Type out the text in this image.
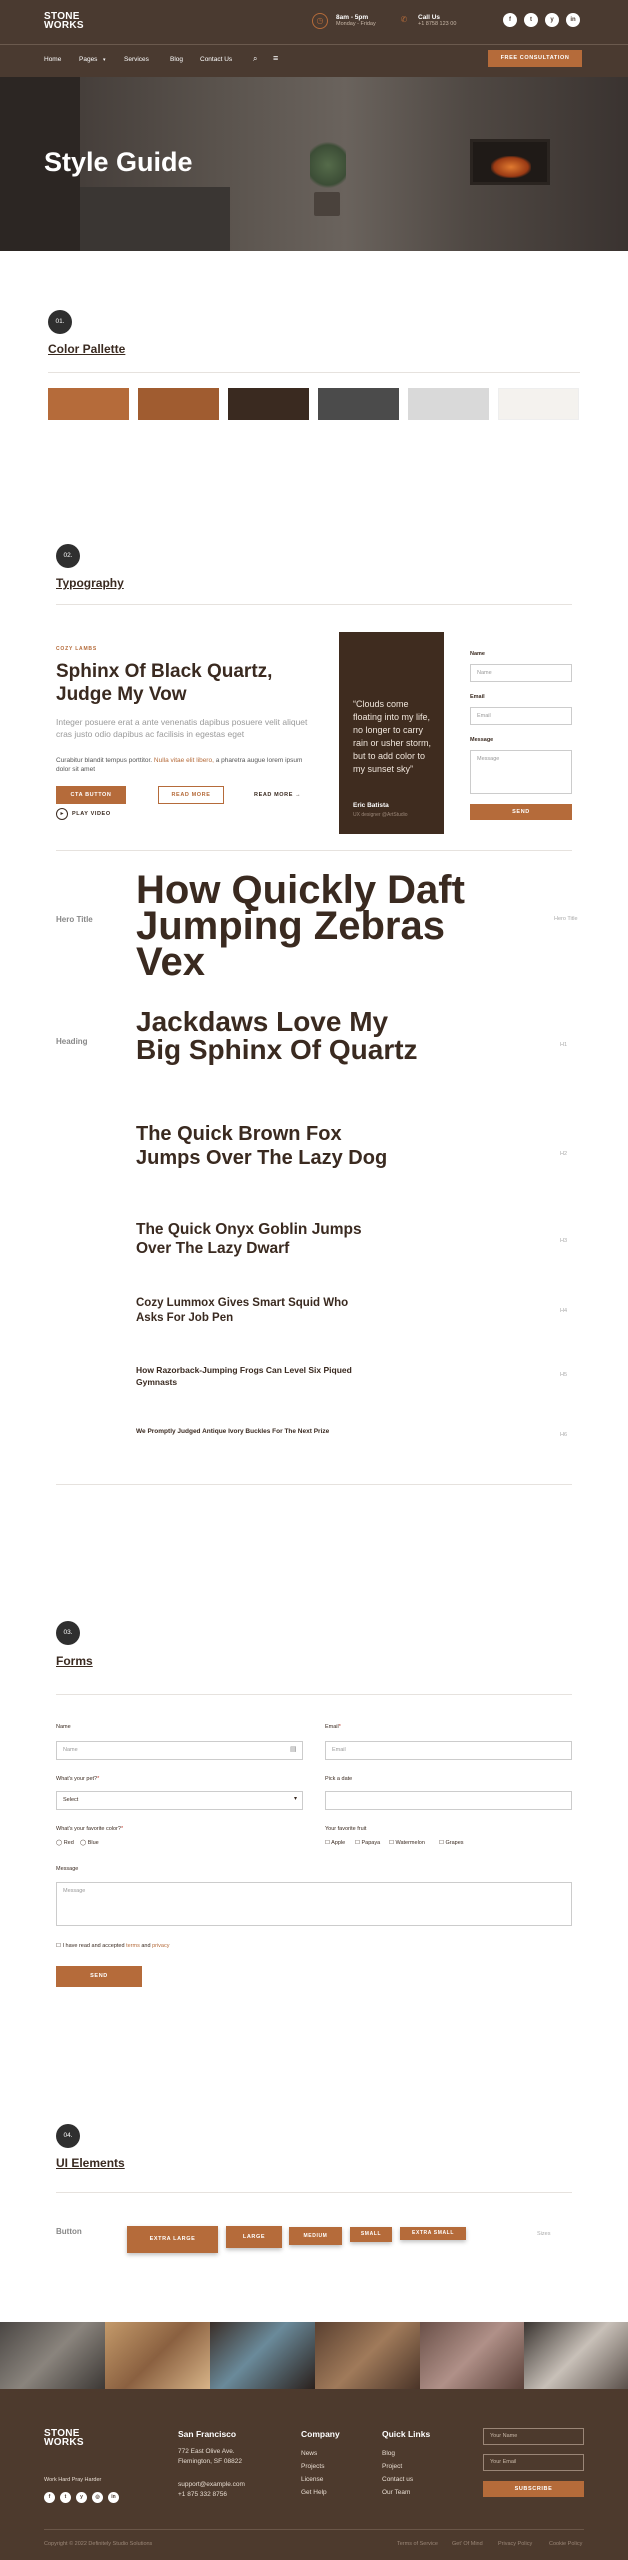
STONE
WORKS	◷	8am - 5pm
Monday - Friday	✆	Call Us
+1 8758 123 00
f	t	y	in
Home	Pages ▾	Services	Blog	Contact Us	⌕ ≡	FREE CONSULTATION
Style Guide
01.
Color Pallette
02.
Typography
COZY LAMBS
Sphinx Of Black Quartz, Judge My Vow
Integer posuere erat a ante venenatis dapibus posuere velit aliquet cras justo odio dapibus ac facilisis in egestas eget
Curabitur blandit tempus porttitor. Nulla vitae elit libero, a pharetra augue lorem ipsum dolor sit amet
CTA BUTTON	READ MORE	READ MORE →
▸	PLAY VIDEO
“Clouds come floating into my life, no longer to carry rain or usher storm, but to add color to my sunset sky”
Eric Batista
UX designer @ArtStudio
Name
Name
Email
Email
Message
Message
SEND
Hero Title
How Quickly Daft Jumping Zebras Vex
Hero Title
Heading
Jackdaws Love My Big Sphinx Of Quartz	H1
The Quick Brown Fox Jumps Over The Lazy Dog	H2
The Quick Onyx Goblin Jumps Over The Lazy Dwarf	H3
Cozy Lummox Gives Smart Squid Who Asks For Job Pen
H4
How Razorback-Jumping Frogs Can Level Six Piqued Gymnasts
H5
We Promptly Judged Antique Ivory Buckles For The Next Prize	H6
03.
Forms
Name
Name	▤
Email*
Email
What's your pet?*
Select	▾
Pick a date
What's your favorite color?*
◯ Red ◯ Blue
Your favorite fruit
☐ Apple ☐ Papaya ☐ Watermelon	☐ Grapes
Message
Message
☐ I have read and accepted terms and privacy
SEND
04.
UI Elements
Button
EXTRA LARGE	LARGE	MEDIUM	SMALL	EXTRA SMALL	Sizes
STONE
WORKS
Work Hard Pray Harder
f	t	y	◎	in
San Francisco
772 East Olive Ave.
Flemington, SF 08822
support@example.com
+1 875 332 8756
Company
News
Projects
License
Get Help
Quick Links
Blog
Project
Contact us
Our Team
Your Name
Your Email
SUBSCRIBE
Copyright © 2022 Definitely Studio Solutions	Terms of Service	Get’ Of Mind	Privacy Policy	Cookie Policy
